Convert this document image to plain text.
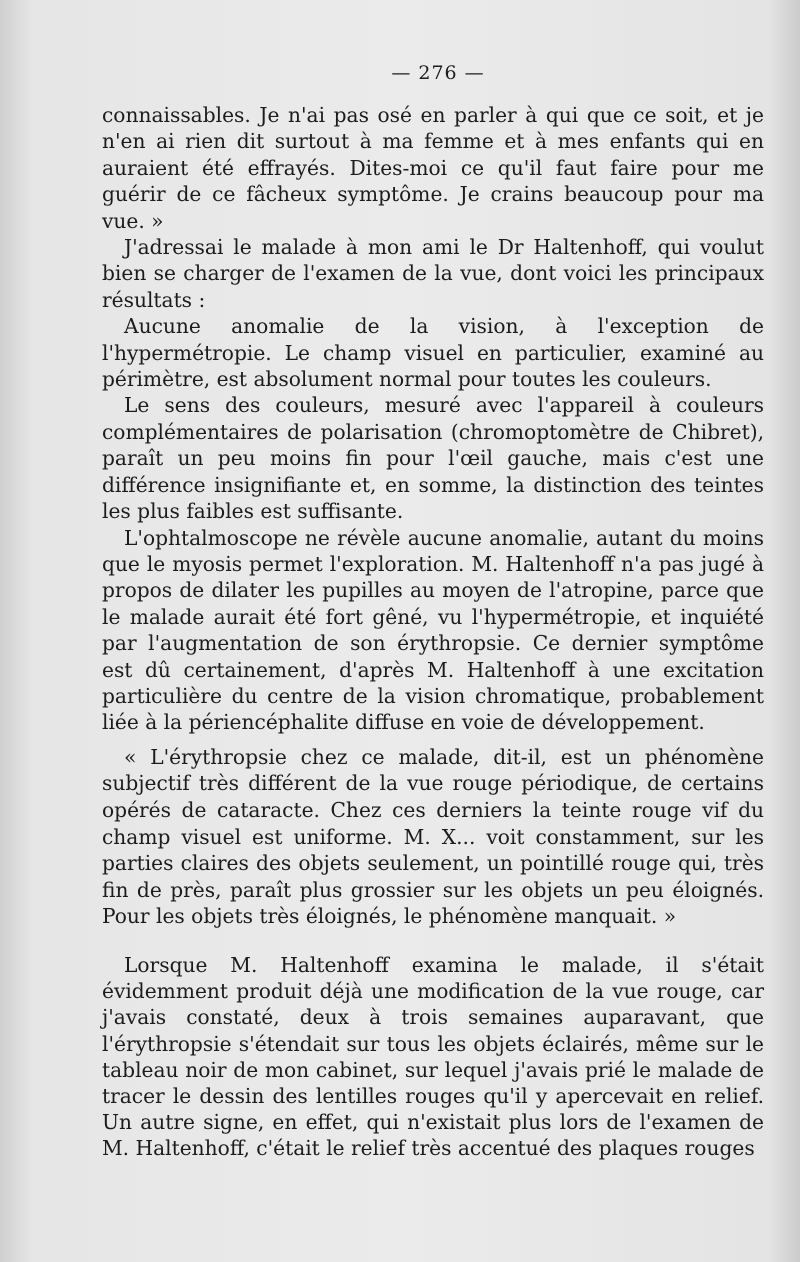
— 276 —

connaissables. Je n'ai pas osé en parler à qui que ce soit, et je n'en ai rien dit surtout à ma femme et à mes enfants qui en auraient été effrayés. Dites-moi ce qu'il faut faire pour me guérir de ce fâcheux symptôme. Je crains beaucoup pour ma vue. »

J'adressai le malade à mon ami le Dr Haltenhoff, qui voulut bien se charger de l'examen de la vue, dont voici les principaux résultats :

Aucune anomalie de la vision, à l'exception de l'hypermétropie. Le champ visuel en particulier, examiné au périmètre, est absolument normal pour toutes les couleurs.

Le sens des couleurs, mesuré avec l'appareil à couleurs complémentaires de polarisation (chromoptomètre de Chibret), paraît un peu moins fin pour l'œil gauche, mais c'est une différence insignifiante et, en somme, la distinction des teintes les plus faibles est suffisante.

L'ophtalmoscope ne révèle aucune anomalie, autant du moins que le myosis permet l'exploration. M. Haltenhoff n'a pas jugé à propos de dilater les pupilles au moyen de l'atropine, parce que le malade aurait été fort gêné, vu l'hypermétropie, et inquiété par l'augmentation de son érythropsie. Ce dernier symptôme est dû certainement, d'après M. Haltenhoff à une excitation particulière du centre de la vision chromatique, probablement liée à la périencéphalite diffuse en voie de développement.

« L'érythropsie chez ce malade, dit-il, est un phénomène subjectif très différent de la vue rouge périodique, de certains opérés de cataracte. Chez ces derniers la teinte rouge vif du champ visuel est uniforme. M. X... voit constamment, sur les parties claires des objets seulement, un pointillé rouge qui, très fin de près, paraît plus grossier sur les objets un peu éloignés. Pour les objets très éloignés, le phénomène manquait. »

Lorsque M. Haltenhoff examina le malade, il s'était évidemment produit déjà une modification de la vue rouge, car j'avais constaté, deux à trois semaines auparavant, que l'érythropsie s'étendait sur tous les objets éclairés, même sur le tableau noir de mon cabinet, sur lequel j'avais prié le malade de tracer le dessin des lentilles rouges qu'il y apercevait en relief. Un autre signe, en effet, qui n'existait plus lors de l'examen de M. Haltenhoff, c'était le relief très accentué des plaques rouges
